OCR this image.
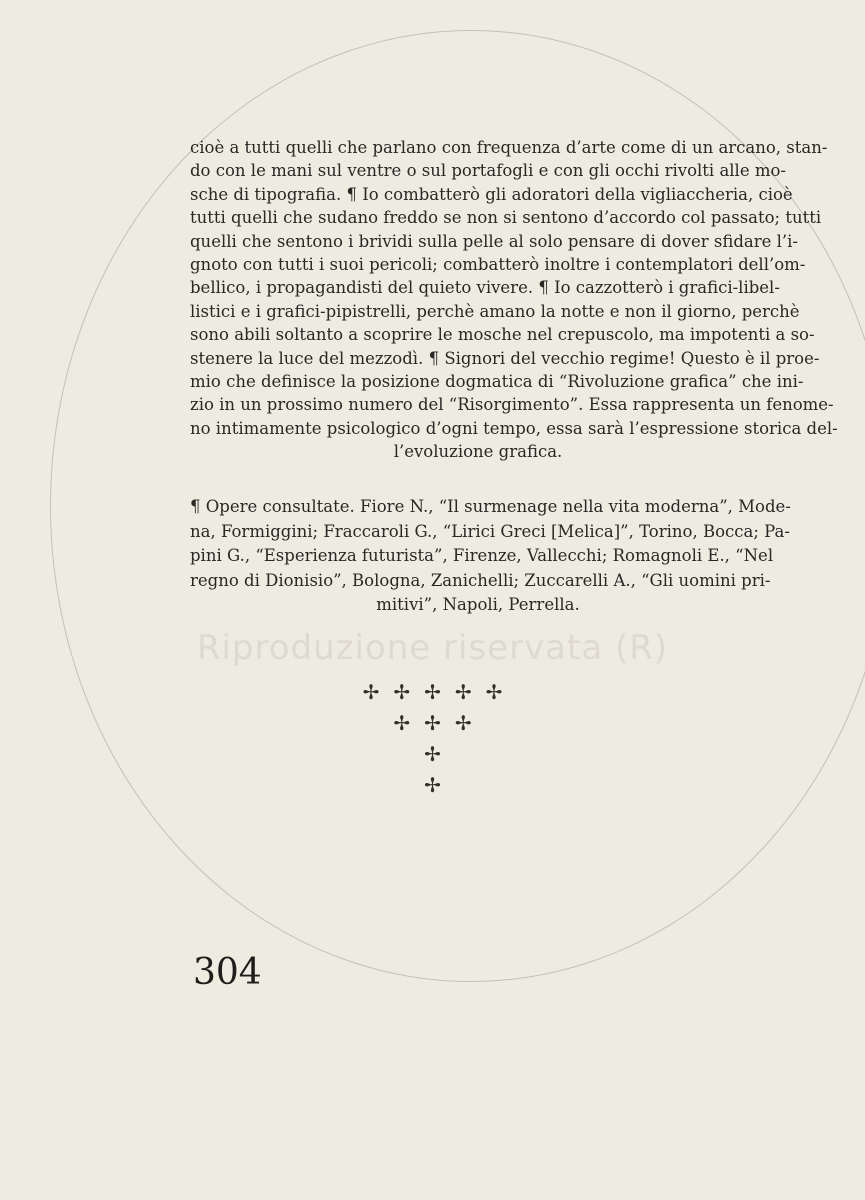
Riproduzione riservata (R)
cioè a tutti quelli che parlano con frequenza d’arte come di un arcano, stan-
do con le mani sul ventre o sul portafogli e con gli occhi rivolti alle mo-
sche di tipografia. ¶ Io combatterò gli adoratori della vigliaccheria, cioè
tutti quelli che sudano freddo se non si sentono d’accordo col passato; tutti
quelli che sentono i brividi sulla pelle al solo pensare di dover sfidare l’i-
gnoto con tutti i suoi pericoli; combatterò inoltre i contemplatori dell’om-
bellico, i propagandisti del quieto vivere. ¶ Io cazzotterò i grafici-libel-
listici e i grafici-pipistrelli, perchè amano la notte e non il giorno, perchè
sono abili soltanto a scoprire le mosche nel crepuscolo, ma impotenti a so-
stenere la luce del mezzodì. ¶ Signori del vecchio regime! Questo è il proe-
mio che definisce la posizione dogmatica di “Rivoluzione grafica” che ini-
zio in un prossimo numero del “Risorgimento”. Essa rappresenta un fenome-
no intimamente psicologico d’ogni tempo, essa sarà l’espressione storica del-
l’evoluzione grafica.
¶ Opere consultate. Fiore N., “Il surmenage nella vita moderna”, Mode-
na, Formiggini; Fraccaroli G., “Lirici Greci [Melica]”, Torino, Bocca; Pa-
pini G., “Esperienza futurista”, Firenze, Vallecchi; Romagnoli E., “Nel
regno di Dionisio”, Bologna, Zanichelli; Zuccarelli A., “Gli uomini pri-
mitivi”, Napoli, Perrella.
✢✢✢✢✢
✢✢✢
✢
✢
304
